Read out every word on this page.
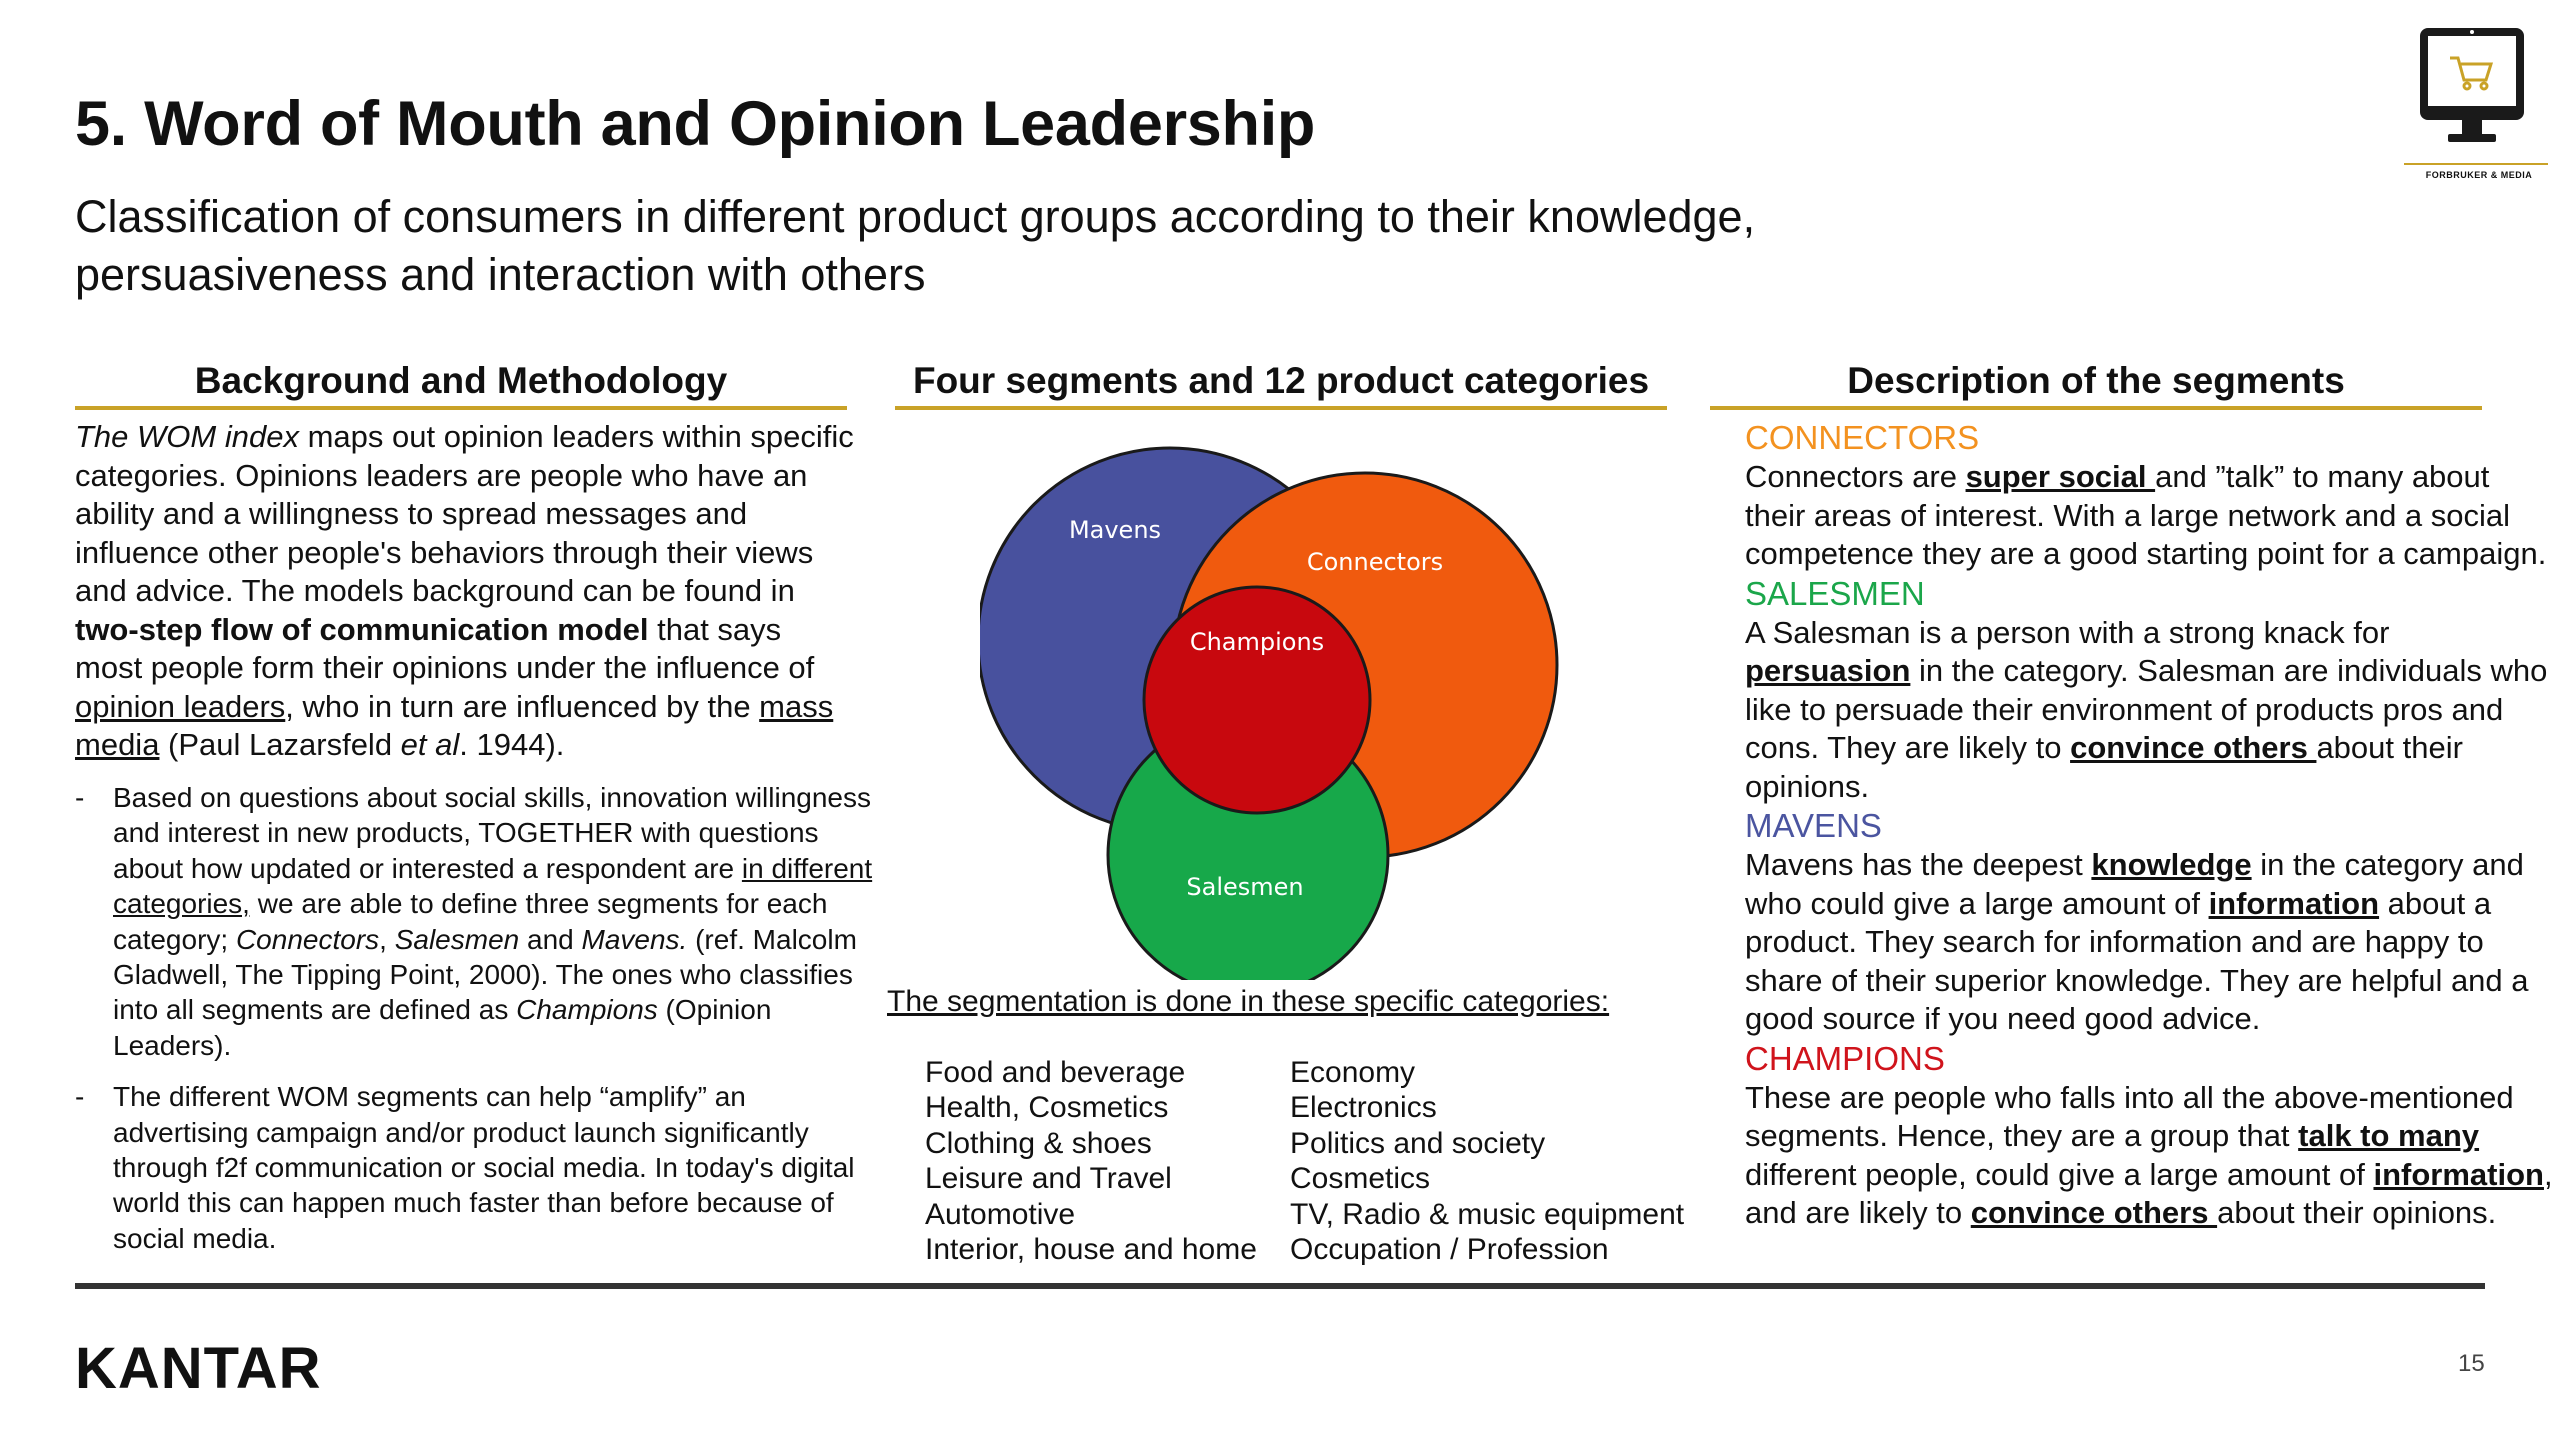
5. Word of Mouth and Opinion Leadership
Classification of consumers in different product groups according to their knowledge, persuasiveness and interaction with others
FORBRUKER & MEDIA
Background and Methodology	Four segments and 12 product categories	Description of the segments
The WOM index maps out opinion leaders within specific categories. Opinions leaders are people who have an ability and a willingness to spread messages and influence other people's behaviors through their views and advice. The models background can be found in two-step flow of communication model that says most people form their opinions under the influence of opinion leaders, who in turn are influenced by the mass media (Paul Lazarsfeld et al. 1944).
- Based on questions about social skills, innovation willingness and interest in new products, TOGETHER with questions about how updated or interested a respondent are in different categories, we are able to define three segments for each category; Connectors, Salesmen and Mavens. (ref. Malcolm Gladwell, The Tipping Point, 2000). The ones who classifies into all segments are defined as Champions (Opinion Leaders).
- The different WOM segments can help “amplify” an advertising campaign and/or product launch significantly through f2f communication or social media. In today's digital world this can happen much faster than before because of social media.
Mavens
Connectors
Salesmen
Champions
The segmentation is done in these specific categories:
Food and beverage
Health, Cosmetics
Clothing & shoes
Leisure and Travel
Automotive
Interior, house and home
Economy
Electronics
Politics and society
Cosmetics
TV, Radio & music equipment
Occupation / Profession
CONNECTORS
Connectors are super social and ”talk” to many about their areas of interest. With a large network and a social competence they are a good starting point for a campaign.
SALESMEN
A Salesman is a person with a strong knack for persuasion in the category. Salesman are individuals who like to persuade their environment of products pros and cons. They are likely to convince others about their opinions.
MAVENS
Mavens has the deepest knowledge in the category and who could give a large amount of information about a product. They search for information and are happy to share of their superior knowledge. They are helpful and a good source if you need good advice.
CHAMPIONS
These are people who falls into all the above-mentioned segments. Hence, they are a group that talk to many different people, could give a large amount of information, and are likely to convince others about their opinions.
KANTAR	15
